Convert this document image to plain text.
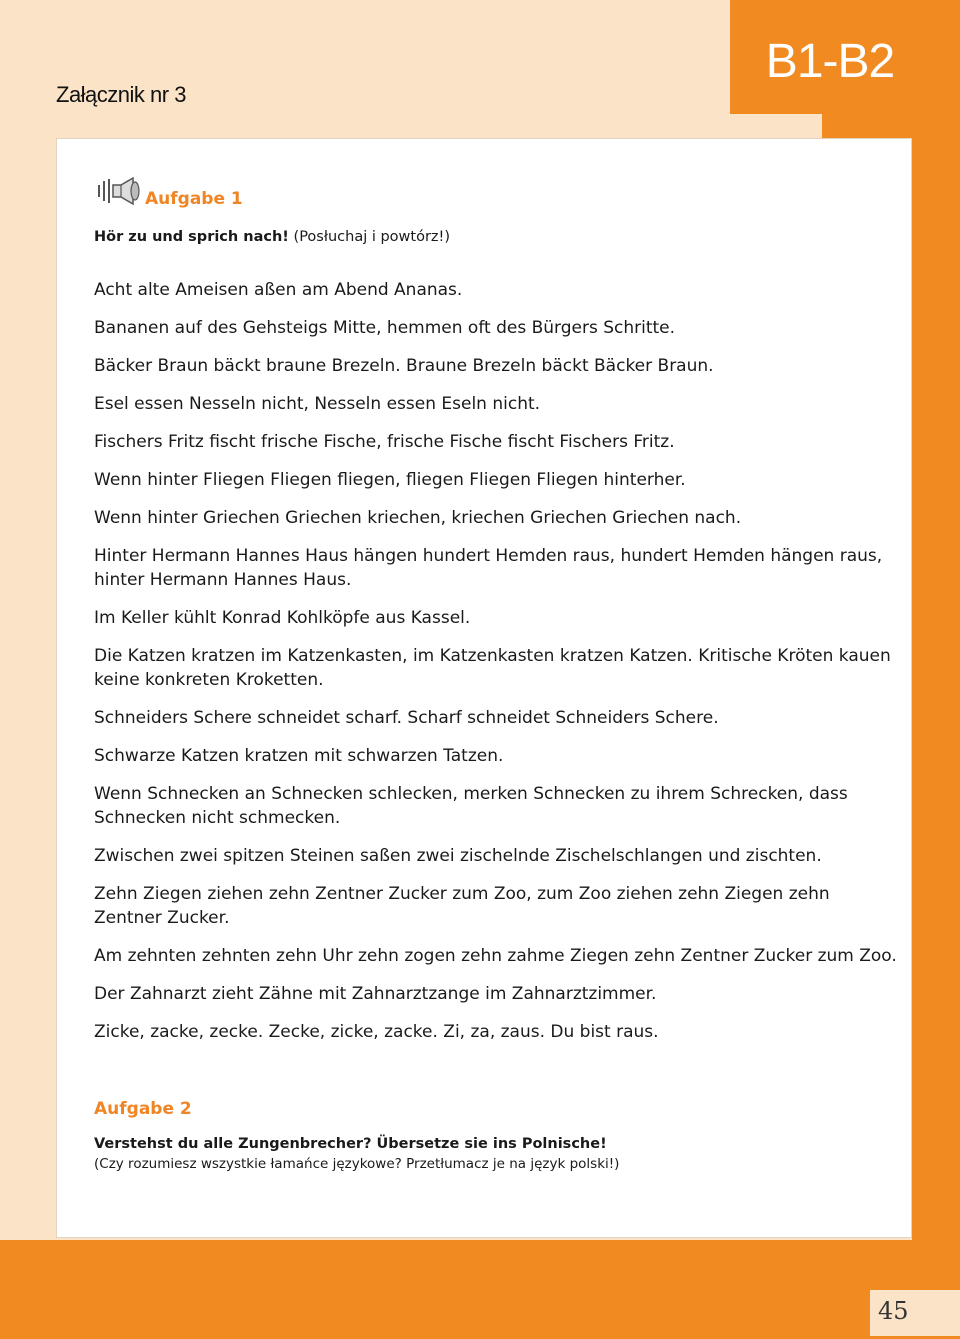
B1-B2
Załącznik nr 3
Aufgabe 1
Hör zu und sprich nach! (Posłuchaj i powtórz!)
Acht alte Ameisen aßen am Abend Ananas.
Bananen auf des Gehsteigs Mitte, hemmen oft des Bürgers Schritte.
Bäcker Braun bäckt braune Brezeln. Braune Brezeln bäckt Bäcker Braun.
Esel essen Nesseln nicht, Nesseln essen Eseln nicht.
Fischers Fritz fischt frische Fische, frische Fische fischt Fischers Fritz.
Wenn hinter Fliegen Fliegen fliegen, fliegen Fliegen Fliegen hinterher.
Wenn hinter Griechen Griechen kriechen, kriechen Griechen Griechen nach.
Hinter Hermann Hannes Haus hängen hundert Hemden raus, hundert Hemden hängen raus, hinter Hermann Hannes Haus.
Im Keller kühlt Konrad Kohlköpfe aus Kassel.
Die Katzen kratzen im Katzenkasten, im Katzenkasten kratzen Katzen. Kritische Kröten kauen keine konkreten Kroketten.
Schneiders Schere schneidet scharf. Scharf schneidet Schneiders Schere.
Schwarze Katzen kratzen mit schwarzen Tatzen.
Wenn Schnecken an Schnecken schlecken, merken Schnecken zu ihrem Schrecken, dass Schnecken nicht schmecken.
Zwischen zwei spitzen Steinen saßen zwei zischelnde Zischelschlangen und zischten.
Zehn Ziegen ziehen zehn Zentner Zucker zum Zoo, zum Zoo ziehen zehn Ziegen zehn Zentner Zucker.
Am zehnten zehnten zehn Uhr zehn zogen zehn zahme Ziegen zehn Zentner Zucker zum Zoo.
Der Zahnarzt zieht Zähne mit Zahnarztzange im Zahnarztzimmer.
Zicke, zacke, zecke. Zecke, zicke, zacke. Zi, za, zaus. Du bist raus.
Aufgabe 2
Verstehst du alle Zungenbrecher? Übersetze sie ins Polnische!
(Czy rozumiesz wszystkie łamańce językowe? Przetłumacz je na język polski!)
45
